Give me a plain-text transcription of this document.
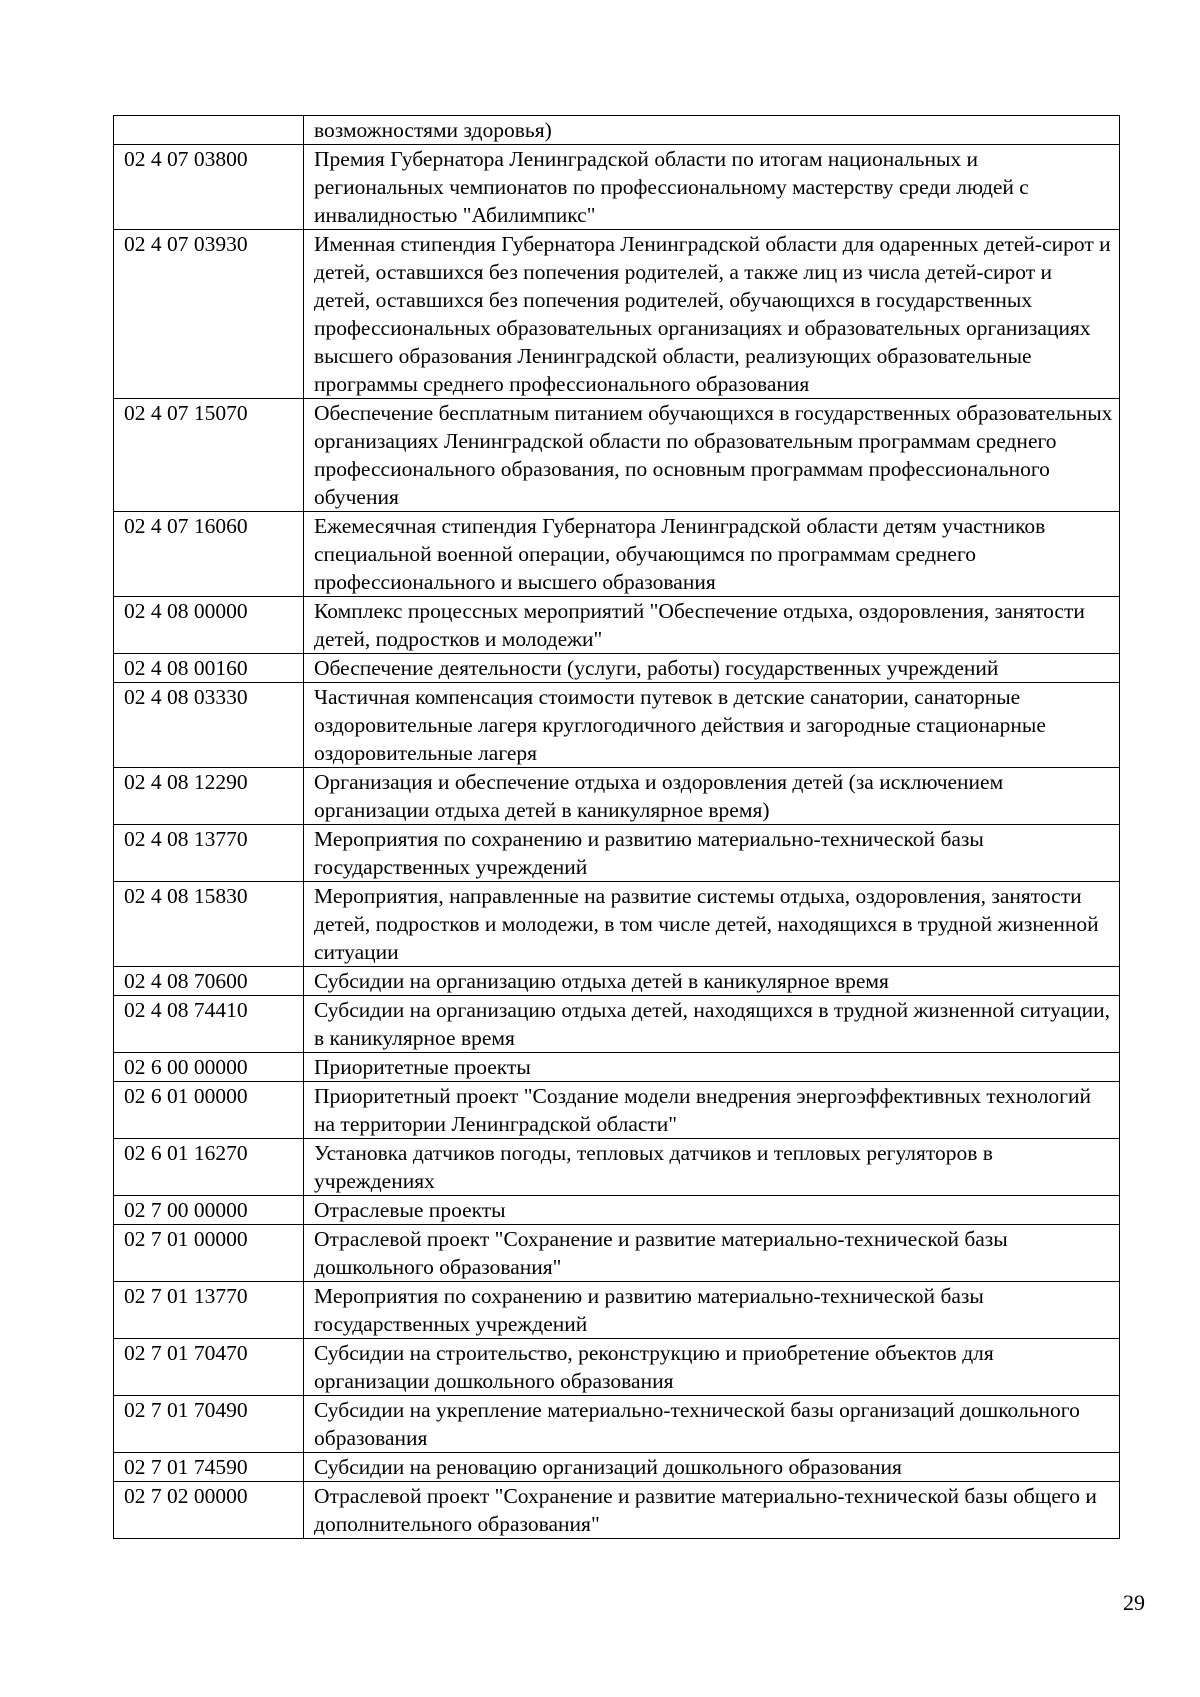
	возможностями здоровья)
02 4 07 03800	Премия Губернатора Ленинградской области по итогам национальных и региональных чемпионатов по профессиональному мастерству среди людей с инвалидностью "Абилимпикс"
02 4 07 03930	Именная стипендия Губернатора Ленинградской области для одаренных детей-сирот и детей, оставшихся без попечения родителей, а также лиц из числа детей-сирот и детей, оставшихся без попечения родителей, обучающихся в государственных профессиональных образовательных организациях и образовательных организациях высшего образования Ленинградской области, реализующих образовательные программы среднего профессионального образования
02 4 07 15070	Обеспечение бесплатным питанием обучающихся в государственных образовательных организациях Ленинградской области по образовательным программам среднего профессионального образования, по основным программам профессионального обучения
02 4 07 16060	Ежемесячная стипендия Губернатора Ленинградской области детям участников специальной военной операции, обучающимся по программам среднего профессионального и высшего образования
02 4 08 00000	Комплекс процессных мероприятий "Обеспечение отдыха, оздоровления, занятости детей, подростков и молодежи"
02 4 08 00160	Обеспечение деятельности (услуги, работы) государственных учреждений
02 4 08 03330	Частичная компенсация стоимости путевок в детские санатории, санаторные оздоровительные лагеря круглогодичного действия и загородные стационарные оздоровительные лагеря
02 4 08 12290	Организация и обеспечение отдыха и оздоровления детей (за исключением организации отдыха детей в каникулярное время)
02 4 08 13770	Мероприятия по сохранению и развитию материально-технической базы государственных учреждений
02 4 08 15830	Мероприятия, направленные на развитие системы отдыха, оздоровления, занятости детей, подростков и молодежи, в том числе детей, находящихся в трудной жизненной ситуации
02 4 08 70600	Субсидии на организацию отдыха детей в каникулярное время
02 4 08 74410	Субсидии на организацию отдыха детей, находящихся в трудной жизненной ситуации, в каникулярное время
02 6 00 00000	Приоритетные проекты
02 6 01 00000	Приоритетный проект "Создание модели внедрения энергоэффективных технологий на территории Ленинградской области"
02 6 01 16270	Установка датчиков погоды, тепловых датчиков и тепловых регуляторов в учреждениях
02 7 00 00000	Отраслевые проекты
02 7 01 00000	Отраслевой проект "Сохранение и развитие материально-технической базы дошкольного образования"
02 7 01 13770	Мероприятия по сохранению и развитию материально-технической базы государственных учреждений
02 7 01 70470	Субсидии на строительство, реконструкцию и приобретение объектов для организации дошкольного образования
02 7 01 70490	Субсидии на укрепление материально-технической базы организаций дошкольного образования
02 7 01 74590	Субсидии на реновацию организаций дошкольного образования
02 7 02 00000	Отраслевой проект "Сохранение и развитие материально-технической базы общего и дополнительного образования"
29
